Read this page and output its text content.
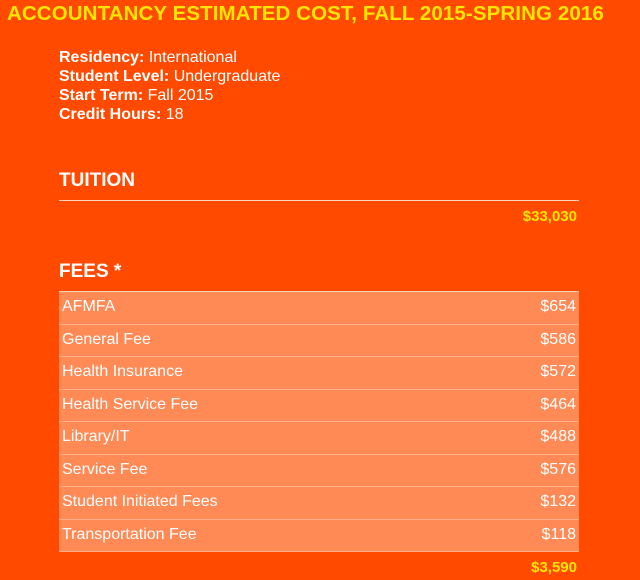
ACCOUNTANCY ESTIMATED COST, FALL 2015-SPRING 2016
Residency: International
Student Level: Undergraduate
Start Term: Fall 2015
Credit Hours: 18
TUITION
$33,030
FEES *
AFMFA	$654
General Fee	$586
Health Insurance	$572
Health Service Fee	$464
Library/IT	$488
Service Fee	$576
Student Initiated Fees	$132
Transportation Fee	$118
$3,590
